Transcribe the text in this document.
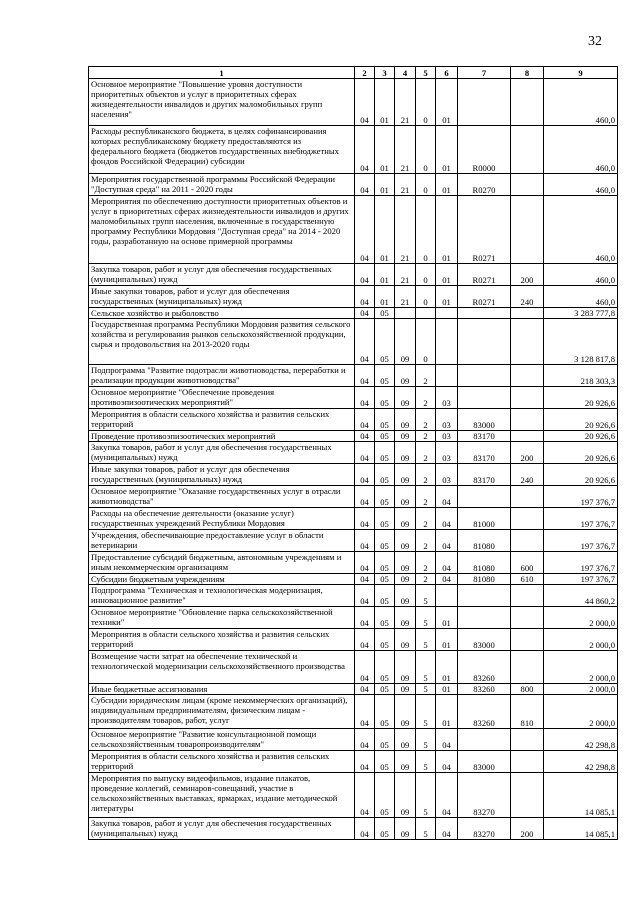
32
1	2	3	4	5	6	7	8	9
Основное мероприятие "Повышение уровня доступности приоритетных объектов и услуг в приоритетных сферах жизнедеятельности инвалидов и других маломобильных групп населения"	04	01	21	0	01			460,0
Расходы республиканского бюджета, в целях софинансирования которых республиканскому бюджету предоставляются из федерального бюджета (бюджетов государственных внебюджетных фондов Российской Федерации) субсидии	04	01	21	0	01	R0000		460,0
Мероприятия государственной программы Российской Федерации "Доступная среда" на 2011 - 2020 годы	04	01	21	0	01	R0270		460,0
Мероприятия по обеспечению доступности приоритетных объектов и услуг в приоритетных сферах жизнедеятельности инвалидов и других маломобильных групп населения, включенные в государственную программу Республики Мордовия "Доступная среда" на 2014 - 2020 годы, разработанную на основе примерной программы	04	01	21	0	01	R0271		460,0
Закупка товаров, работ и услуг для обеспечения государственных (муниципальных) нужд	04	01	21	0	01	R0271	200	460,0
Иные закупки товаров, работ и услуг для обеспечения государственных (муниципальных) нужд	04	01	21	0	01	R0271	240	460,0
Сельское хозяйство и рыболовство	04	05						3 283 777,8
Государственная программа Республики Мордовия развития сельского хозяйства и регулирования рынков сельскохозяйственной продукции, сырья и продовольствия на 2013-2020 годы	04	05	09	0				3 128 817,8
Подпрограмма "Развитие подотрасли животноводства, переработки и реализации продукции животноводства"	04	05	09	2				218 303,3
Основное мероприятие "Обеспечение проведения противоэпизоотических мероприятий"	04	05	09	2	03			20 926,6
Мероприятия в области сельского хозяйства и развития сельских территорий	04	05	09	2	03	83000		20 926,6
Проведение противоэпизоотических мероприятий	04	05	09	2	03	83170		20 926,6
Закупка товаров, работ и услуг для обеспечения государственных (муниципальных) нужд	04	05	09	2	03	83170	200	20 926,6
Иные закупки товаров, работ и услуг для обеспечения государственных (муниципальных) нужд	04	05	09	2	03	83170	240	20 926,6
Основное мероприятие "Оказание государственных услуг в отрасли животноводства"	04	05	09	2	04			197 376,7
Расходы на обеспечение деятельности (оказание услуг) государственных учреждений Республики Мордовия	04	05	09	2	04	81000		197 376,7
Учреждения, обеспечивающие предоставление услуг в области ветеринарии	04	05	09	2	04	81080		197 376,7
Предоставление субсидий бюджетным, автономным учреждениям и иным некоммерческим организациям	04	05	09	2	04	81080	600	197 376,7
Субсидии бюджетным учреждениям	04	05	09	2	04	81080	610	197 376,7
Подпрограмма "Техническая и технологическая модернизация, инновационное развитие"	04	05	09	5				44 860,2
Основное мероприятие "Обновление парка сельскохозяйственной техники"	04	05	09	5	01			2 000,0
Мероприятия в области сельского хозяйства и развития сельских территорий	04	05	09	5	01	83000		2 000,0
Возмещение части затрат на обеспечение технической и технологической модернизации сельскохозяйственного производства	04	05	09	5	01	83260		2 000,0
Иные бюджетные ассигнования	04	05	09	5	01	83260	800	2 000,0
Субсидии юридическим лицам (кроме некоммерческих организаций), индивидуальным предпринимателям, физическим лицам - производителям товаров, работ, услуг	04	05	09	5	01	83260	810	2 000,0
Основное мероприятие "Развитие консультационной помощи сельскохозяйственным товаропроизводителям"	04	05	09	5	04			42 298,8
Мероприятия в области сельского хозяйства и развития сельских территорий	04	05	09	5	04	83000		42 298,8
Мероприятия по выпуску видеофильмов, издание плакатов, проведение коллегий, семинаров-совещаний, участие в сельскохозяйственных выставках, ярмарках, издание методической литературы	04	05	09	5	04	83270		14 085,1
Закупка товаров, работ и услуг для обеспечения государственных (муниципальных) нужд	04	05	09	5	04	83270	200	14 085,1
